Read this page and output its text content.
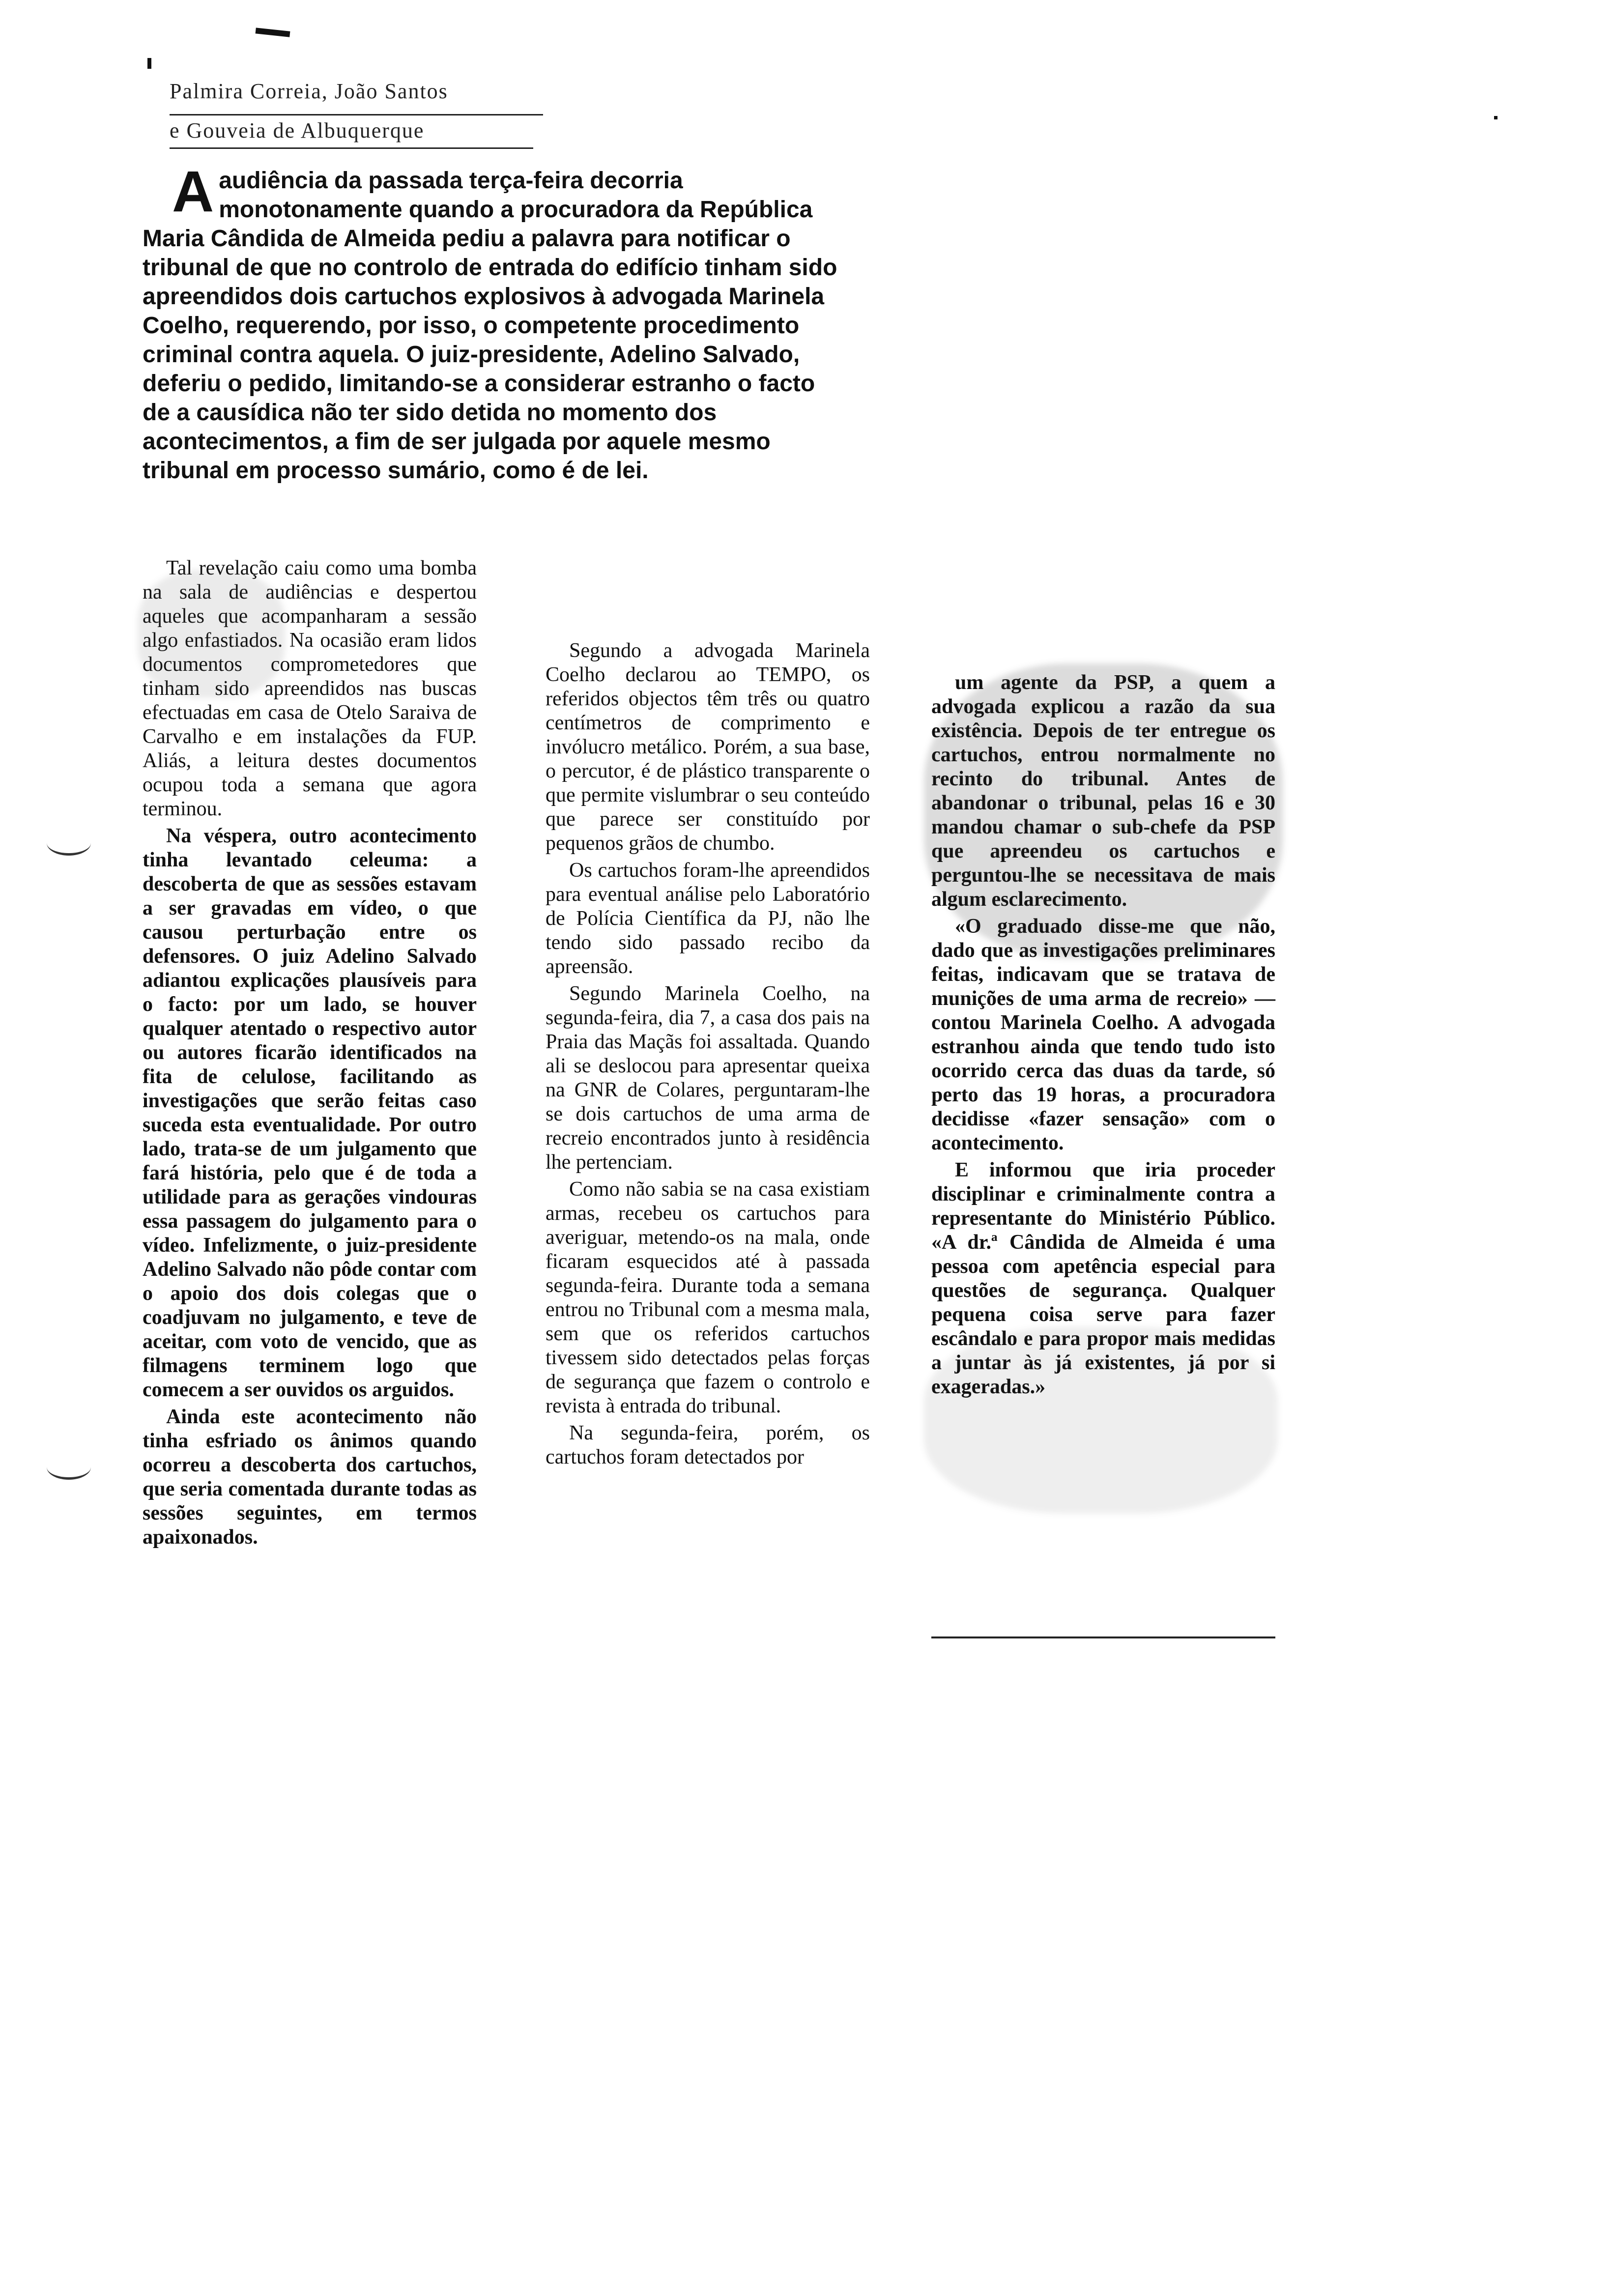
Palmira Correia, João Santos
e Gouveia de Albuquerque

Aaudiência da passada terça-feira decorria monotonamente quando a procuradora da República Maria Cândida de Almeida pediu a palavra para notificar o tribunal de que no controlo de entrada do edifício tinham sido apreendidos dois cartuchos explosivos à advogada Marinela Coelho, requerendo, por isso, o competente procedimento criminal contra aquela. O juiz-presidente, Adelino Salvado, deferiu o pedido, limitando-se a considerar estranho o facto de a causídica não ter sido detida no momento dos acontecimentos, a fim de ser julgada por aquele mesmo tribunal em processo sumário, como é de lei.

Tal revelação caiu como uma bomba na sala de audiências e despertou aqueles que acompanharam a sessão algo enfastiados. Na ocasião eram lidos documentos comprometedores que tinham sido apreendidos nas buscas efectuadas em casa de Otelo Saraiva de Carvalho e em instalações da FUP. Aliás, a leitura destes documentos ocupou toda a semana que agora terminou.

Na véspera, outro acontecimento tinha levantado celeuma: a descoberta de que as sessões estavam a ser gravadas em vídeo, o que causou perturbação entre os defensores. O juiz Adelino Salvado adiantou explicações plausíveis para o facto: por um lado, se houver qualquer atentado o respectivo autor ou autores ficarão identificados na fita de celulose, facilitando as investigações que serão feitas caso suceda esta eventualidade. Por outro lado, trata-se de um julgamento que fará história, pelo que é de toda a utilidade para as gerações vindouras essa passagem do julgamento para o vídeo. Infelizmente, o juiz-presidente Adelino Salvado não pôde contar com o apoio dos dois colegas que o coadjuvam no julgamento, e teve de aceitar, com voto de vencido, que as filmagens terminem logo que comecem a ser ouvidos os arguidos.

Ainda este acontecimento não tinha esfriado os ânimos quando ocorreu a descoberta dos cartuchos, que seria comentada durante todas as sessões seguintes, em termos apaixonados.

Segundo a advogada Marinela Coelho declarou ao TEMPO, os referidos objectos têm três ou quatro centímetros de comprimento e invólucro metálico. Porém, a sua base, o percutor, é de plástico transparente o que permite vislumbrar o seu conteúdo que parece ser constituído por pequenos grãos de chumbo.

Os cartuchos foram-lhe apreendidos para eventual análise pelo Laboratório de Polícia Científica da PJ, não lhe tendo sido passado recibo da apreensão.

Segundo Marinela Coelho, na segunda-feira, dia 7, a casa dos pais na Praia das Maçãs foi assaltada. Quando ali se deslocou para apresentar queixa na GNR de Colares, perguntaram-lhe se dois cartuchos de uma arma de recreio encontrados junto à residência lhe pertenciam.

Como não sabia se na casa existiam armas, recebeu os cartuchos para averiguar, metendo-os na mala, onde ficaram esquecidos até à passada segunda-feira. Durante toda a semana entrou no Tribunal com a mesma mala, sem que os referidos cartuchos tivessem sido detectados pelas forças de segurança que fazem o controlo e revista à entrada do tribunal.

Na segunda-feira, porém, os cartuchos foram detectados por

um agente da PSP, a quem a advogada explicou a razão da sua existência. Depois de ter entregue os cartuchos, entrou normalmente no recinto do tribunal. Antes de abandonar o tribunal, pelas 16 e 30 mandou chamar o sub-chefe da PSP que apreendeu os cartuchos e perguntou-lhe se necessitava de mais algum esclarecimento.

«O graduado disse-me que não, dado que as investigações preliminares feitas, indicavam que se tratava de munições de uma arma de recreio» — contou Marinela Coelho. A advogada estranhou ainda que tendo tudo isto ocorrido cerca das duas da tarde, só perto das 19 horas, a procuradora decidisse «fazer sensação» com o acontecimento.

E informou que iria proceder disciplinar e criminalmente contra a representante do Ministério Público. «A dr.ª Cândida de Almeida é uma pessoa com apetência especial para questões de segurança. Qualquer pequena coisa serve para fazer escândalo e para propor mais medidas a juntar às já existentes, já por si exageradas.»
